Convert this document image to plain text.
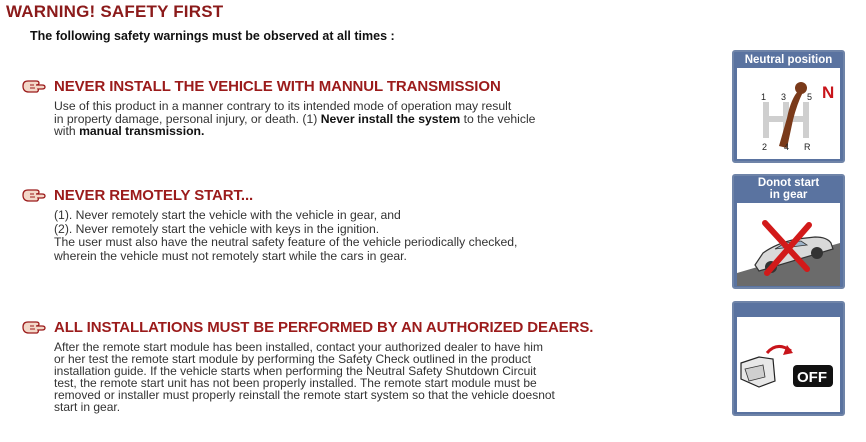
WARNING! SAFETY FIRST

The following safety warnings must be observed at all times :

NEVER INSTALL THE VEHICLE WITH MANNUL TRANSMISSION
Use of this product in a manner contrary to its intended mode of operation may result
in property damage, personal injury, or death. (1) Never install the system to the vehicle
with manual transmission.
NEVER REMOTELY START...
(1). Never remotely start the vehicle with the vehicle in gear, and
(2). Never remotely start the vehicle with keys in the ignition.
The user must also have the neutral safety feature of the vehicle periodically checked,
wherein the vehicle must not remotely start while the cars in gear.
ALL INSTALLATIONS MUST BE PERFORMED BY AN AUTHORIZED DEAERS.
After the remote start module has been installed, contact your authorized dealer to have him
or her test the remote start module by performing the Safety Check outlined in the product
installation guide. If the vehicle starts when performing the Neutral Safety Shutdown Circuit
test, the remote start unit has not been properly installed. The remote start module must be
removed or installer must properly reinstall the remote start system so that the vehicle doesnot
start in gear.
Neutral position
N
1 3 5
2 4 R
Donot start
in gear
OFF
